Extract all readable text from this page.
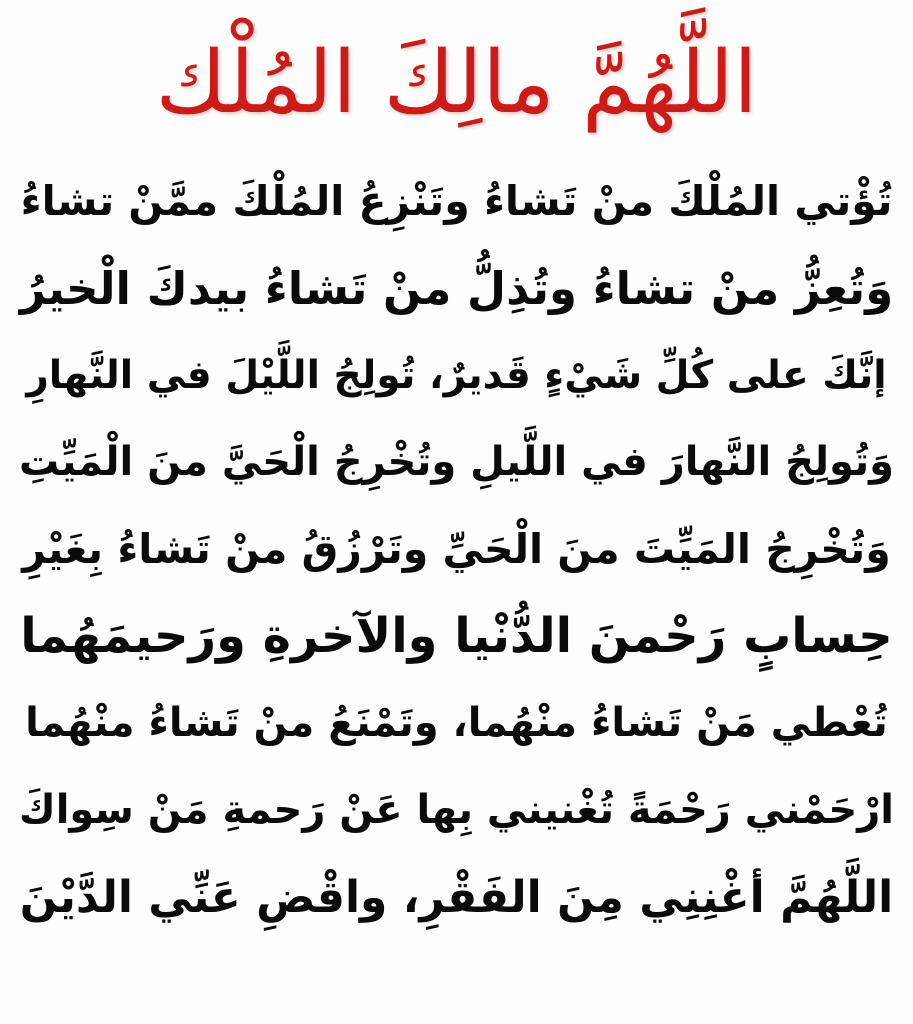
اللَّهُمَّ مالِكَ المُلْك

تُؤْتي المُلْكَ منْ تَشاءُ وتَنْزِعُ المُلْكَ ممَّنْ تشاءُ

وَتُعِزُّ منْ تشاءُ وتُذِلُّ منْ تَشاءُ بيدكَ الْخيرُ

إنَّكَ على كُلِّ شَيْءٍ قَديرٌ، تُولِجُ اللَّيْلَ في النَّهارِ

وَتُولِجُ النَّهارَ في اللَّيلِ وتُخْرِجُ الْحَيَّ منَ الْمَيِّتِ

وَتُخْرِجُ المَيِّتَ منَ الْحَيِّ وتَرْزُقُ منْ تَشاءُ بِغَيْرِ

حِسابٍ رَحْمنَ الدُّنْيا والآخرةِ ورَحيمَهُما

تُعْطي مَنْ تَشاءُ منْهُما، وتَمْنَعُ منْ تَشاءُ منْهُما

ارْحَمْني رَحْمَةً تُغْنيني بِها عَنْ رَحمةِ مَنْ سِواكَ

اللَّهُمَّ أغْنِنِي مِنَ الفَقْرِ، واقْضِ عَنِّي الدَّيْنَ
